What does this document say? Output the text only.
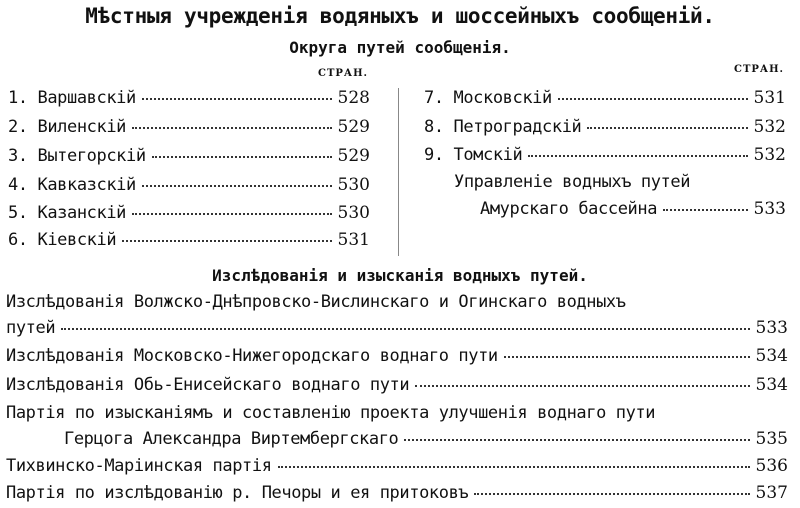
Мѣстныя учрежденія водяныхъ и шоссейныхъ сообщеній.
Округа путей сообщенія.
СТРАН.	СТРАН.
1. Варшавскій	528
2. Виленскій	529
3. Вытегорскій	529
4. Кавказскій	530
5. Казанскій	530
6. Кіевскій	531
7. Московскій	531
8. Петроградскій	532
9. Томскій	532
Управленіе водныхъ путей
Амурскаго бассейна	533
Изслѣдованія и изысканія водныхъ путей.
Изслѣдованія Волжско-Днѣпровско-Вислинскаго и Огинскаго водныхъ
путей	533
Изслѣдованія Московско-Нижегородскаго воднаго пути	534
Изслѣдованія Обь-Енисейскаго воднаго пути	534
Партія по изысканіямъ и составленію проекта улучшенія воднаго пути
Герцога Александра Виртембергскаго	535
Тихвинско-Маріинская партія	536
Партія по изслѣдованію р. Печоры и ея притоковъ	537
